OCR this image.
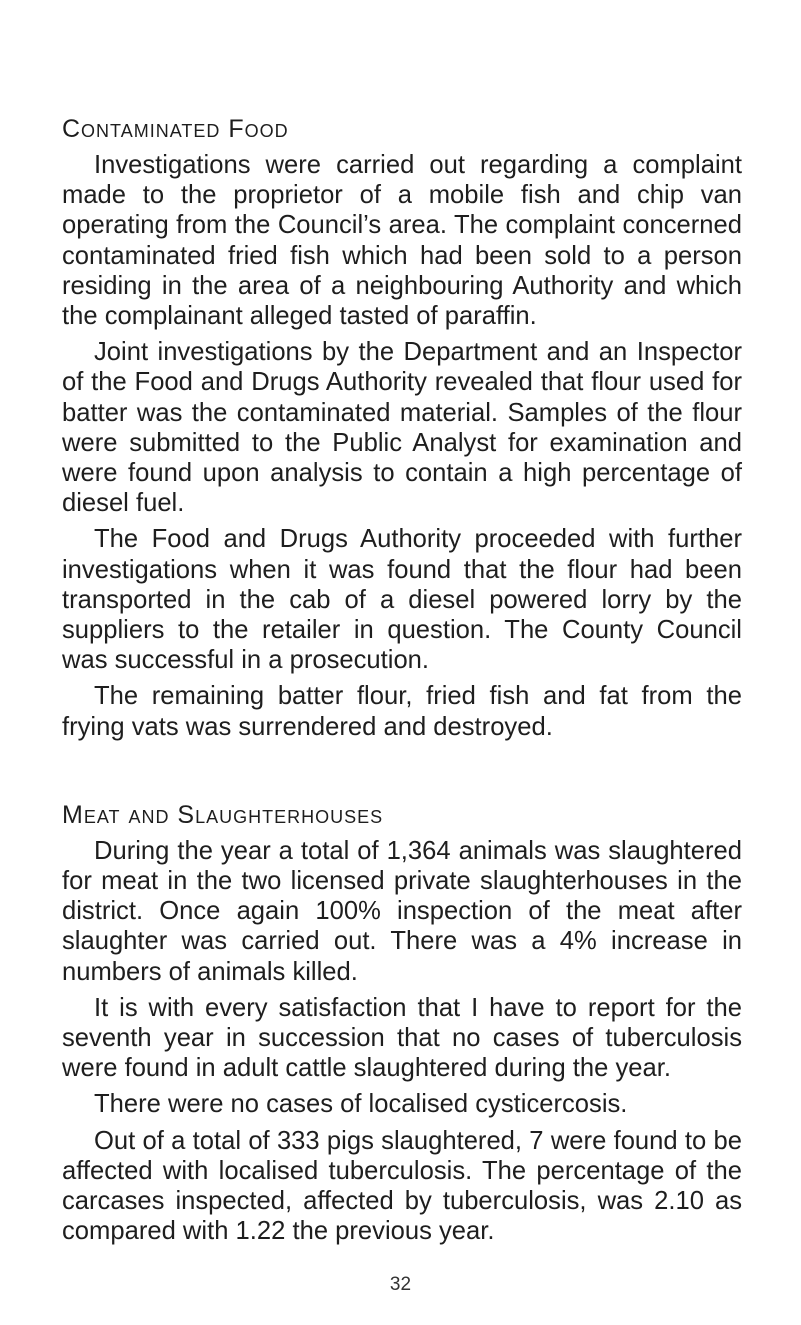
Contaminated Food

Investigations were carried out regarding a complaint made to the proprietor of a mobile fish and chip van operating from the Council’s area. The complaint concerned contaminated fried fish which had been sold to a person residing in the area of a neighbouring Authority and which the complainant alleged tasted of paraffin.

Joint investigations by the Department and an Inspector of the Food and Drugs Authority revealed that flour used for batter was the contaminated material. Samples of the flour were submitted to the Public Analyst for examination and were found upon analysis to contain a high percentage of diesel fuel.

The Food and Drugs Authority proceeded with further investigations when it was found that the flour had been transported in the cab of a diesel powered lorry by the suppliers to the retailer in question. The County Council was successful in a prosecution.

The remaining batter flour, fried fish and fat from the frying vats was surrendered and destroyed.

Meat and Slaughterhouses

During the year a total of 1,364 animals was slaughtered for meat in the two licensed private slaughterhouses in the district. Once again 100% inspection of the meat after slaughter was carried out. There was a 4% increase in numbers of animals killed.

It is with every satisfaction that I have to report for the seventh year in succession that no cases of tuberculosis were found in adult cattle slaughtered during the year.

There were no cases of localised cysticercosis.

Out of a total of 333 pigs slaughtered, 7 were found to be affected with localised tuberculosis. The percentage of the carcases inspected, affected by tuberculosis, was 2.10 as compared with 1.22 the previous year.

32
